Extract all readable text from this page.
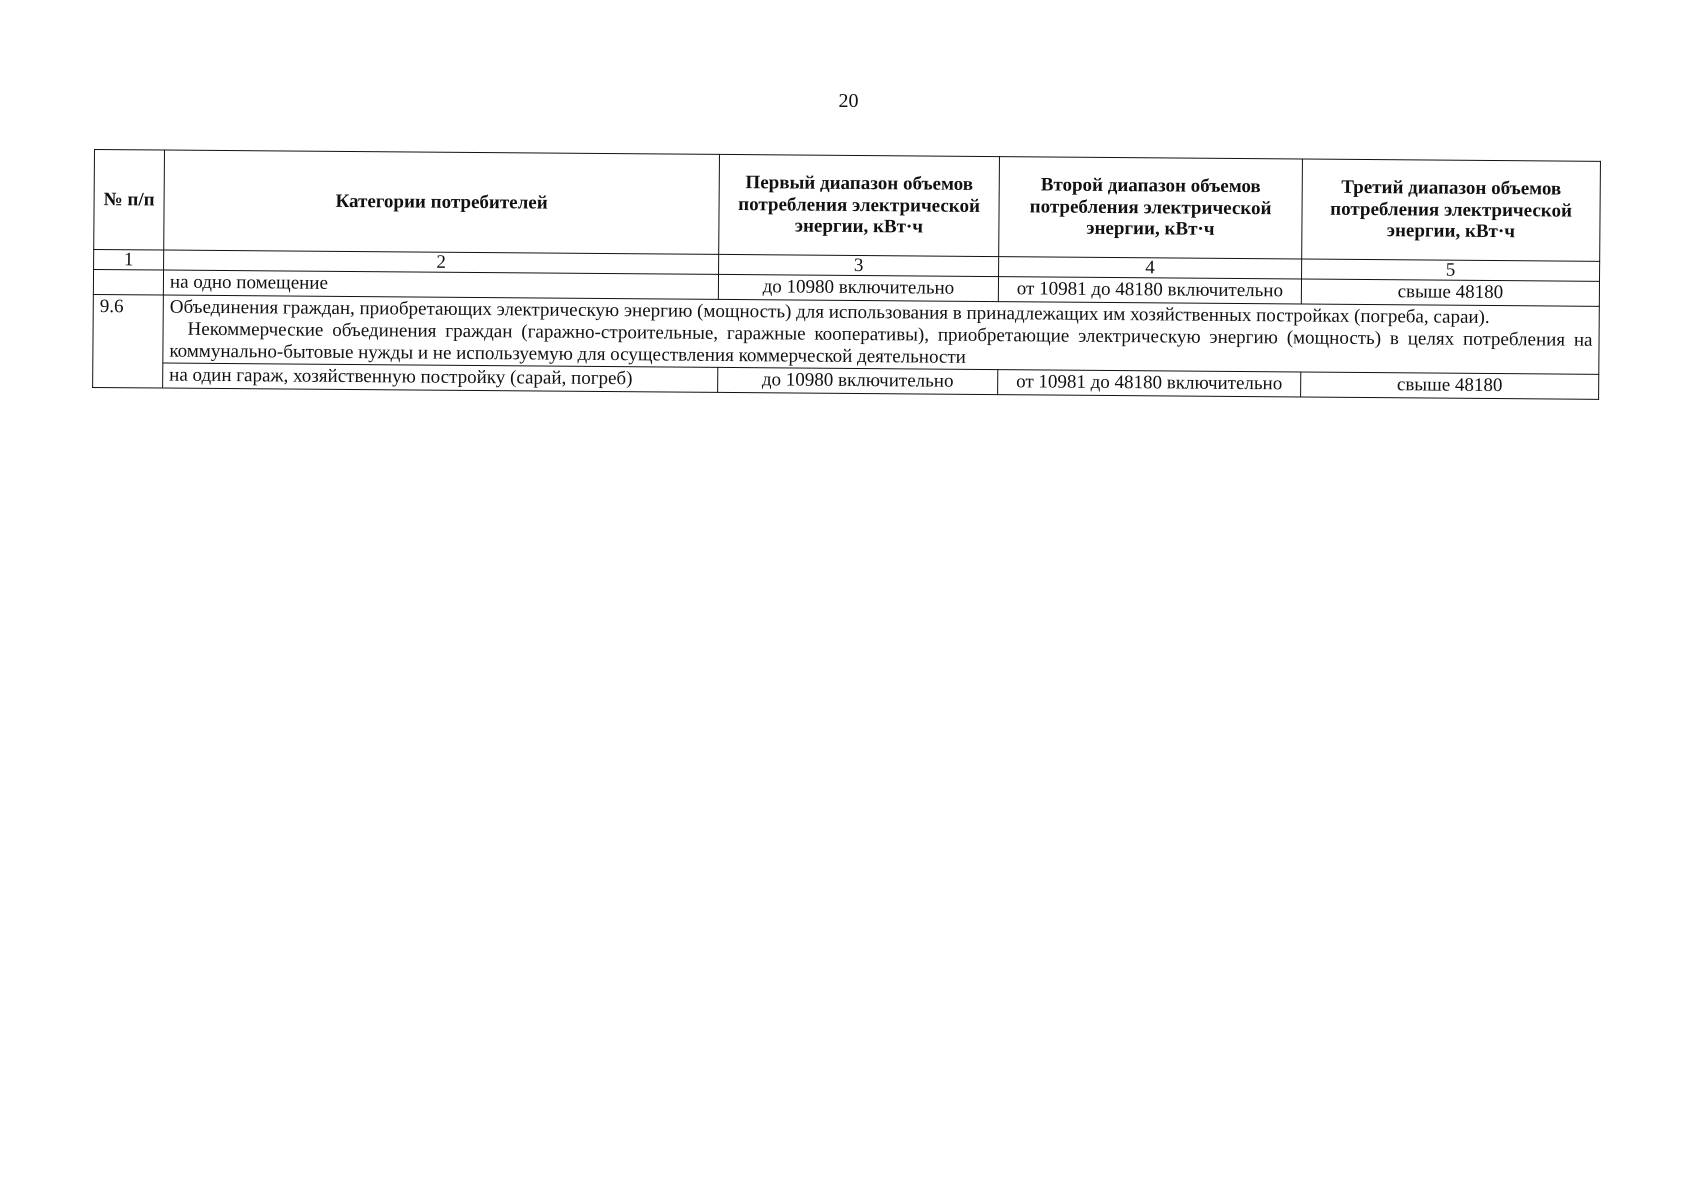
20
№ п/п	Категории потребителей	Первый диапазон объемов потребления электрической энергии, кВт·ч	Второй диапазон объемов потребления электрической энергии, кВт·ч	Третий диапазон объемов потребления электрической энергии, кВт·ч
1	2	3	4	5
	на одно помещение	до 10980 включительно	от 10981 до 48180 включительно	свыше 48180
9.6	Объединения граждан, приобретающих электрическую энергию (мощность) для использования в принадлежащих им хозяйственных постройках (погреба, сараи).
Некоммерческие объединения граждан (гаражно-строительные, гаражные кооперативы), приобретающие электрическую энергию (мощность) в целях потребления на коммунально-бытовые нужды и не используемую для осуществления коммерческой деятельности			

	на один гараж, хозяйственную постройку (сарай, погреб)	до 10980 включительно	от 10981 до 48180 включительно	свыше 48180
